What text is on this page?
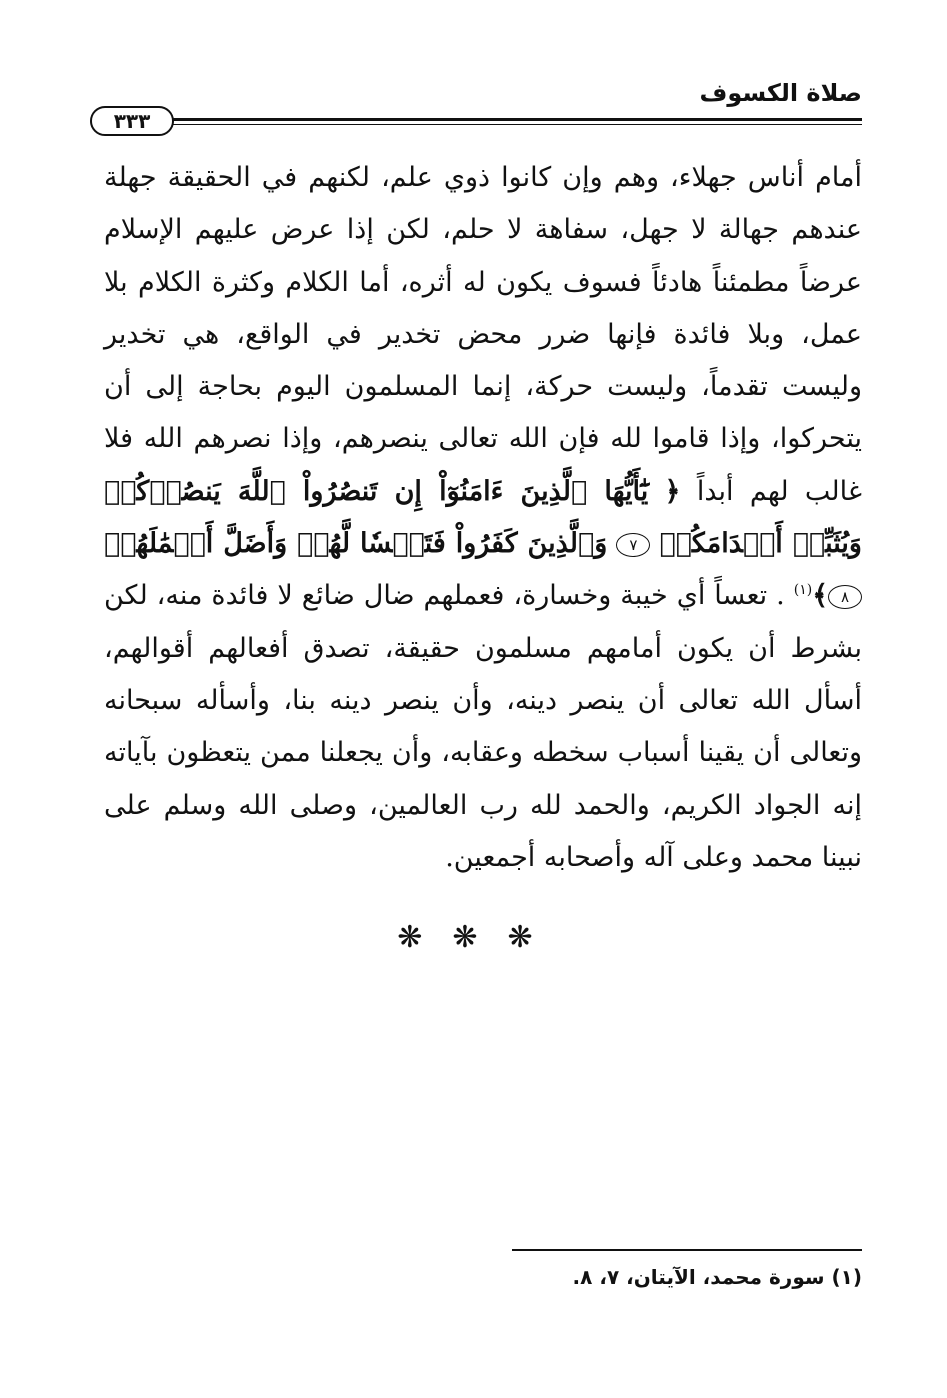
صلاة الكسوف
٣٣٣

أمام أناس جهلاء، وهم وإن كانوا ذوي علم، لكنهم في الحقيقة جهلة عندهم جهالة لا جهل، سفاهة لا حلم، لكن إذا عرض عليهم الإسلام عرضاً مطمئناً هادئاً فسوف يكون له أثره، أما الكلام وكثرة الكلام بلا عمل، وبلا فائدة فإنها ضرر محض تخدير في الواقع، هي تخدير وليست تقدماً، وليست حركة، إنما المسلمون اليوم بحاجة إلى أن يتحركوا، وإذا قاموا لله فإن الله تعالى ينصرهم، وإذا نصرهم الله فلا غالب لهم أبداً ﴿ يَٰٓأَيُّهَا ٱلَّذِينَ ءَامَنُوٓاْ إِن تَنصُرُواْ ٱللَّهَ يَنصُرۡكُمۡ وَيُثَبِّتۡ أَقۡدَامَكُمۡ ٧ وَٱلَّذِينَ كَفَرُواْ فَتَعۡسٗا لَّهُمۡ وَأَضَلَّ أَعۡمَٰلَهُمۡ ٨﴾$^{(١)}$ . تعساً أي خيبة وخسارة، فعملهم ضال ضائع لا فائدة منه، لكن بشرط أن يكون أمامهم مسلمون حقيقة، تصدق أفعالهم أقوالهم، أسأل الله تعالى أن ينصر دينه، وأن ينصر دينه بنا، وأسأله سبحانه وتعالى أن يقينا أسباب سخطه وعقابه، وأن يجعلنا ممن يتعظون بآياته إنه الجواد الكريم، والحمد لله رب العالمين، وصلى الله وسلم على نبينا محمد وعلى آله وأصحابه أجمعين.

❋❋❋
(١) سورة محمد، الآيتان، ٧، ٨.
